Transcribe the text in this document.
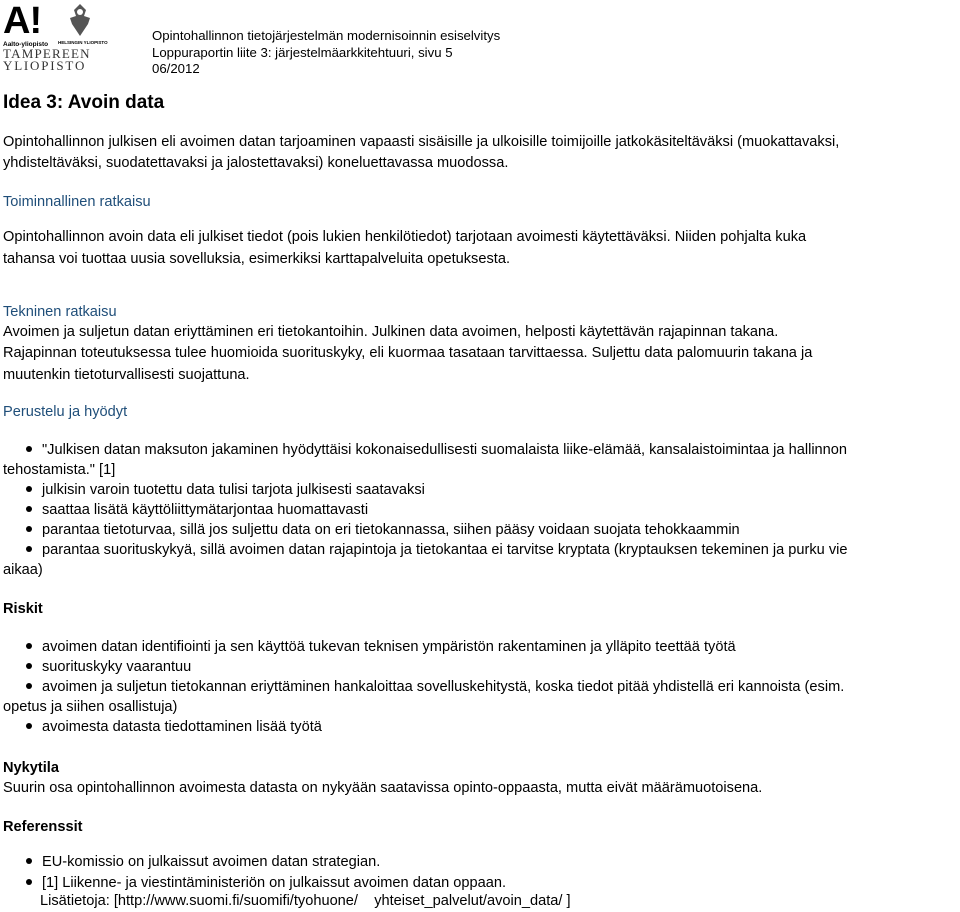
A!
Aalto-yliopisto	HELSINGIN YLIOPISTO
TAMPEREEN
YLIOPISTO
Opintohallinnon tietojärjestelmän modernisoinnin esiselvitys
Loppuraportin liite 3: järjestelmäarkkitehtuuri, sivu 5
06/2012
Idea 3: Avoin data
Opintohallinnon julkisen eli avoimen datan tarjoaminen vapaasti sisäisille ja ulkoisille toimijoille jatkokäsiteltäväksi (muokattavaksi,
yhdisteltäväksi, suodatettavaksi ja jalostettavaksi) koneluettavassa muodossa.
Toiminnallinen ratkaisu
Opintohallinnon avoin data eli julkiset tiedot (pois lukien henkilötiedot) tarjotaan avoimesti käytettäväksi. Niiden pohjalta kuka
tahansa voi tuottaa uusia sovelluksia, esimerkiksi karttapalveluita opetuksesta.
Tekninen ratkaisu
Avoimen ja suljetun datan eriyttäminen eri tietokantoihin. Julkinen data avoimen, helposti käytettävän rajapinnan takana.
Rajapinnan toteutuksessa tulee huomioida suorituskyky, eli kuormaa tasataan tarvittaessa. Suljettu data palomuurin takana ja
muutenkin tietoturvallisesti suojattuna.
Perustelu ja hyödyt
"Julkisen datan maksuton jakaminen hyödyttäisi kokonaisedullisesti suomalaista liike-elämää, kansalaistoimintaa ja hallinnon
tehostamista." [1]
julkisin varoin tuotettu data tulisi tarjota julkisesti saatavaksi
saattaa lisätä käyttöliittymätarjontaa huomattavasti
parantaa tietoturvaa, sillä jos suljettu data on eri tietokannassa, siihen pääsy voidaan suojata tehokkaammin
parantaa suorituskykyä, sillä avoimen datan rajapintoja ja tietokantaa ei tarvitse kryptata (kryptauksen tekeminen ja purku vie
aikaa)
Riskit
avoimen datan identifiointi ja sen käyttöä tukevan teknisen ympäristön rakentaminen ja ylläpito teettää työtä
suorituskyky vaarantuu
avoimen ja suljetun tietokannan eriyttäminen hankaloittaa sovelluskehitystä, koska tiedot pitää yhdistellä eri kannoista (esim.
opetus ja siihen osallistuja)
avoimesta datasta tiedottaminen lisää työtä
Nykytila
Suurin osa opintohallinnon avoimesta datasta on nykyään saatavissa opinto-oppaasta, mutta eivät määrämuotoisena.
Referenssit
EU-komissio on julkaissut avoimen datan strategian.
[1] Liikenne- ja viestintäministeriön on julkaissut avoimen datan oppaan.
Lisätietoja: [http://www.suomi.fi/suomifi/tyohuone/    yhteiset_palvelut/avoin_data/ ]
